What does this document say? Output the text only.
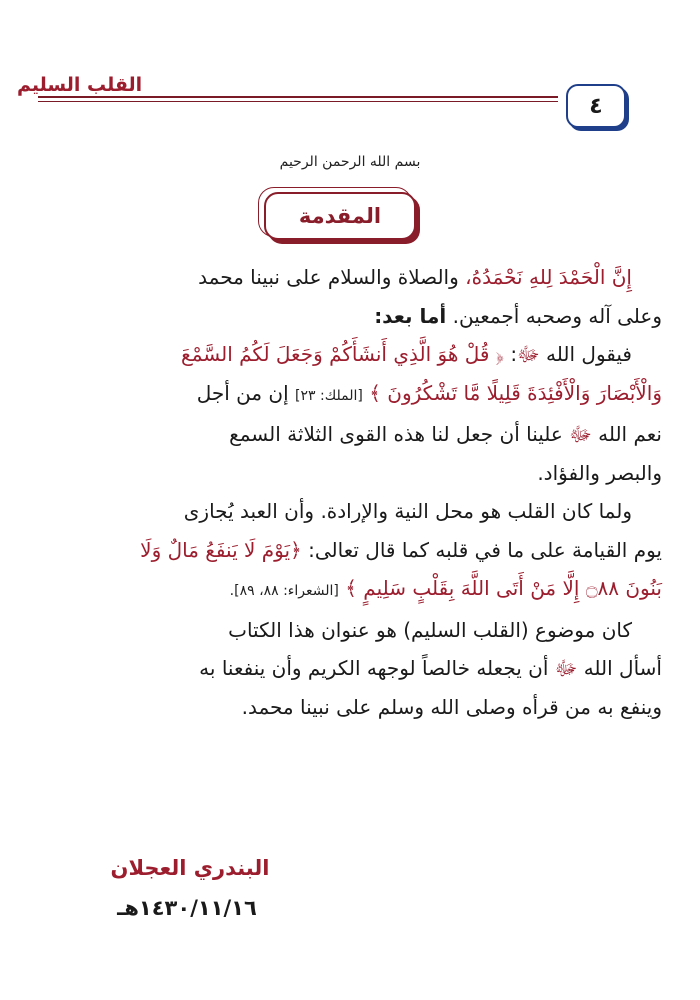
القلب السليم
٤
بسم الله الرحمن الرحيم
المقدمة

إِنَّ الْحَمْدَ لِلهِ نَحْمَدُهُ، والصلاة والسلام على نبينا محمد
وعلى آله وصحبه أجمعين. أما بعد:

فيقول الله ﷻ: ﴿ قُلْ هُوَ الَّذِي أَنشَأَكُمْ وَجَعَلَ لَكُمُ السَّمْعَ
وَالْأَبْصَارَ وَالْأَفْئِدَةَ قَلِيلًا مَّا تَشْكُرُونَ ﴾ [الملك: ٢٣] إن من أجل
نعم الله ﷻ علينا أن جعل لنا هذه القوى الثلاثة السمع
والبصر والفؤاد.

ولما كان القلب هو محل النية والإرادة. وأن العبد يُجازى
يوم القيامة على ما في قلبه كما قال تعالى: ﴿يَوْمَ لَا يَنفَعُ مَالٌ وَلَا
بَنُونَ ۝٨٨ إِلَّا مَنْ أَتَى اللَّهَ بِقَلْبٍ سَلِيمٍ ﴾ [الشعراء: ٨٨، ٨٩].

كان موضوع (القلب السليم) هو عنوان هذا الكتاب
أسأل الله ﷻ أن يجعله خالصاً لوجهه الكريم وأن ينفعنا به
وينفع به من قرأه وصلى الله وسلم على نبينا محمد.

البندري العجلان
١٤٣٠/١١/١٦هـ
